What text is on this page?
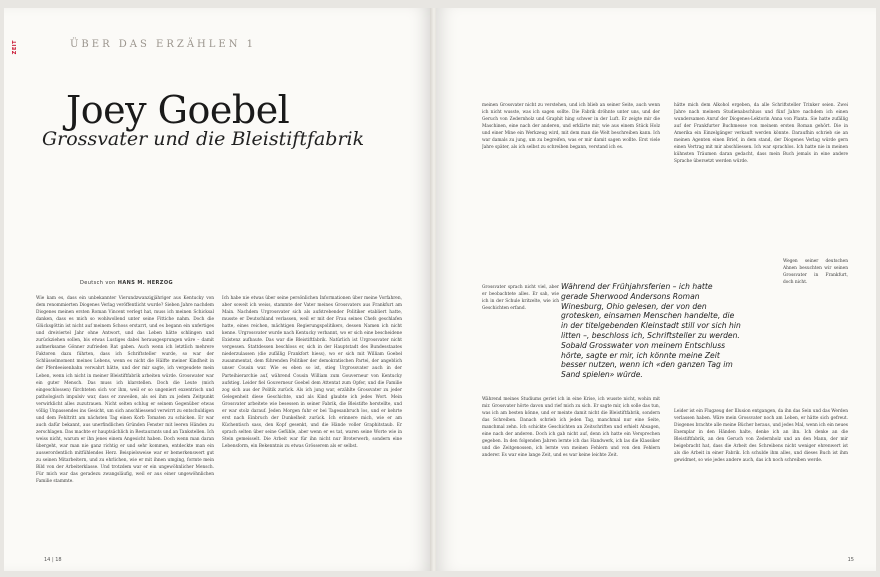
ZEIT	ÜBER DAS ERZÄHLEN 1
Joey Goebel
Grossvater und die Bleistiftfabrik
Deutsch von HANS M. HERZOG

Wie kam es, dass ein unbekannter Vierundzwanzigjähriger aus Kentucky von dem renommierten Diogenes Verlag veröffentlicht wurde? Sieben Jahre nachdem Diogenes meinen ersten Roman Vincent verlegt hat, muss ich meinen Schicksal danken, dass es mich so wohlwollend unter seine Fittiche nahm. Doch die Glücksgöttin ist nicht auf meinem Schoss erstarrt, und es begann ein unfertiges und dreiviertel Jahr ohne Antwort, und das Leben hätte schlingen und zurückziehen sollen, bis etwas Lustiges dabei herausgesprungen wäre – damit aufmerksame Gönner zufrieden Rat gaben. Auch wenn ich letztlich mehrere Faktoren dazu führten, dass ich Schriftsteller wurde, so war der Schlüsselmoment meines Lebens, wenn es nicht die Hälfte meiner Kindheit in der Pferdeeisenbahn verwahrt hätte, und der mir sagte, ich vergeudete mein Leben, wenn ich nicht in meiner Bleistiftfabrik arbeiten würde. Grosswater war ein guter Mensch. Das muss ich klarstellen. Doch die Leute (mich eingeschlossen) fürchteten sich vor ihm, weil er so ungeniert exzentrisch und pathologisch impulsiv war, dass er zuweilen, als sei ihm zu jedem Zeitpunkt verwirklicht alles zuzutrauen. Nicht selten schlug er seinem Gegenüber etwas völlig Unpassendes ins Gesicht, um sich anschliessend verwirrt zu entschuldigen und dem Fehltritt am nächsten Tag einen Korb Tomaten zu schicken. Er war auch dafür bekannt, aus unerfindlichen Gründen Fenster mit leeren Händen zu zerschlagen. Das machte er hauptsächlich in Restaurants und an Tankstellen. Ich weiss nicht, warum er ihn jenes einem Angesicht haben. Doch wenn man daran übergeht, war man nie ganz richtig er und sehr kommen, entdeckte man ein ausserordentlich mitfühlendes Herz. Beispielsweise war er bemerkenswert gut zu seinen Mitarbeitern, und zu ehrlichen, wie er mit ihnen umging, formte mein Bild von der Arbeiterklasse. Und trotzdem war er ein ungewöhnlicher Mensch. Für mich war das geradezu zwangsläufig, weil er aus einer ungewöhnlichen Familie stammte.

Ich habe nie etwas über seine persönlichen Informationen über meine Vorfahren, aber soweit ich weiss, stammte der Vater meines Grossvaters aus Frankfurt am Main. Nachdem Urgrossvater sich als aufstrebender Politiker etabliert hatte, musste er Deutschland verlassen, weil er mit der Frau seines Chefs geschlafen hatte, eines reichen, mächtigen Regierungspolitikers, dessen Namen ich nicht kenne. Urgrossvater wurde nach Kentucky verbannt, wo er sich eine bescheidene Existenz aufbaute. Das war die Bleistiftfabrik. Natürlich ist Urgrossvater nicht vergessen. Stattdessen beschloss er, sich in der Hauptstadt des Bundesstaates niederzulassen (die zufällig Frankfort hiess), wo er sich mit William Goebel zusammentat, dem führenden Politiker der demokratischen Partei, der angeblich unser Cousin war. Wie es eben so ist, stieg Urgrossvater auch in der Parteihierarchie auf, während Cousin William zum Gouverneur von Kentucky aufstieg. Leider fiel Gouverneur Goebel dem Attentat zum Opfer, und die Familie zog sich aus der Politik zurück. Als ich jung war, erzählte Grossvater zu jeder Gelegenheit diese Geschichte, und als Kind glaubte ich jedes Wort. Mein Grossvater arbeitete wie besessen in seiner Fabrik, die Bleistifte herstellte, und er war stolz darauf. Jeden Morgen fuhr er bei Tagesanbruch los, und er kehrte erst nach Einbruch der Dunkelheit zurück. Ich erinnere mich, wie er am Küchentisch sass, den Kopf gesenkt, und die Hände voller Graphitstaub. Er sprach selten über seine Gefühle, aber wenn er es tat, waren seine Worte wie in Stein gemeisselt. Die Arbeit war für ihn nicht nur Broterwerb, sondern eine Lebensform, ein Bekenntnis zu etwas Grösserem als er selbst.

14 | 18

meinen Grossvater nicht zu verstehen, und ich blieb an seiner Seite, auch wenn ich nicht wusste, was ich sagen sollte. Die Fabrik dröhnte unter uns, und der Geruch von Zedernholz und Graphit hing schwer in der Luft. Er zeigte mir die Maschinen, eine nach der anderen, und erklärte mir, wie aus einem Stück Holz und einer Mine ein Werkzeug wird, mit dem man die Welt beschreiben kann. Ich war damals zu jung, um zu begreifen, was er mir damit sagen wollte. Erst viele Jahre später, als ich selbst zu schreiben begann, verstand ich es.

Grossvater sprach nicht viel, aber er beobachtete alles. Er sah, wie ich in der Schule kritzelte, wie ich Geschichten erfand.

Während meines Studiums geriet ich in eine Krise, ich wusste nicht, wohin mit mir. Grossvater hörte davon und rief mich zu sich. Er sagte mir, ich solle das tun, was ich am besten könne, und er meinte damit nicht die Bleistiftfabrik, sondern das Schreiben. Danach schrieb ich jeden Tag, manchmal nur eine Seite, manchmal zehn. Ich schickte Geschichten an Zeitschriften und erhielt Absagen, eine nach der anderen. Doch ich gab nicht auf, denn ich hatte ein Versprechen gegeben. In den folgenden Jahren lernte ich das Handwerk, ich las die Klassiker und die Zeitgenossen, ich lernte von meinen Fehlern und von den Fehlern anderer. Es war eine lange Zeit, und es war keine leichte Zeit.

hätte mich dem Alkohol ergeben, da alle Schriftsteller Trinker seien. Zwei Jahre nach meinem Studienabschluss und fünf Jahre nachdem ich einen wundersamen Anruf der Diogenes-Lektorin Anna von Planta. Sie hatte zufällig auf der Frankfurter Buchmesse von meinem ersten Roman gehört. Die in Amerika ein Einzelgänger verkauft werden könnte. Daraufhin schrieb sie an meinen Agenten einen Brief, in dem stand, der Diogenes Verlag würde gern einen Vertrag mit mir abschliessen. Ich war sprachlos. Ich hatte nie in meinen kühnsten Träumen daran gedacht, dass mein Buch jemals in eine andere Sprache übersetzt werden würde.

Wegen seiner deutschen Ahnen besuchten wir seinen Grossvater in Frankfurt, doch nicht.

Leider ist ein Flugzeug der Illusion entgangen, da ihn das Sein und das Werden verlassen haben. Wäre mein Grossvater noch am Leben, er hätte sich gefreut. Diogenes brachte alle meine Bücher heraus, und jedes Mal, wenn ich ein neues Exemplar in den Händen halte, denke ich an ihn. Ich denke an die Bleistiftfabrik, an den Geruch von Zedernholz und an den Mann, der mir beigebracht hat, dass die Arbeit des Schreibens nicht weniger ehrenwert ist als die Arbeit in einer Fabrik. Ich schulde ihm alles, und dieses Buch ist ihm gewidmet, so wie jedes andere auch, das ich noch schreiben werde.

Während der Frühjahrsferien – ich hatte gerade Sherwood Andersons Roman Winesburg, Ohio gelesen, der von den grotesken, einsamen Menschen handelte, die in der titelgebenden Kleinstadt still vor sich hin litten –, beschloss ich, Schriftsteller zu werden. Sobald Grosswater von meinem Entschluss hörte, sagte er mir, ich könnte meine Zeit besser nutzen, wenn ich «den ganzen Tag im Sand spielen» würde.
15
